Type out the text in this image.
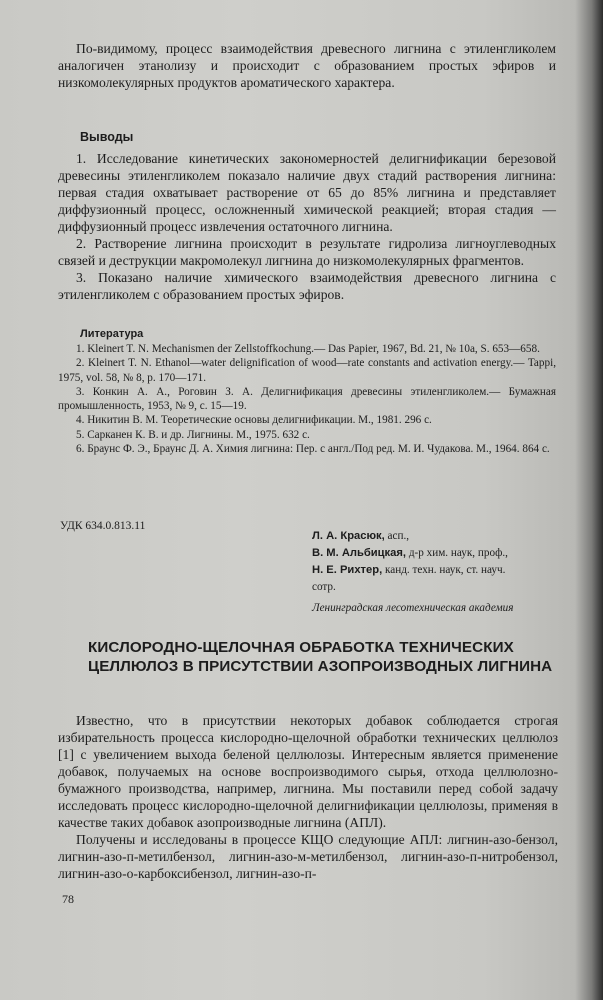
По-видимому, процесс взаимодействия древесного лигнина с этиленгликолем аналогичен этанолизу и происходит с образованием простых эфиров и низкомолекулярных продуктов ароматического характера.

Выводы

1. Исследование кинетических закономерностей делигнификации березовой древесины этиленгликолем показало наличие двух стадий растворения лигнина: первая стадия охватывает растворение от 65 до 85% лигнина и представляет диффузионный процесс, осложненный химической реакцией; вторая стадия — диффузионный процесс извлечения остаточного лигнина.

2. Растворение лигнина происходит в результате гидролиза лигноуглеводных связей и деструкции макромолекул лигнина до низкомолекулярных фрагментов.

3. Показано наличие химического взаимодействия древесного лигнина с этиленгликолем с образованием простых эфиров.

Литература

1. Kleinert T. N. Mechanismen der Zellstoffkochung.— Das Papier, 1967, Bd. 21, № 10a, S. 653—658.

2. Kleinert T. N. Ethanol—water delignification of wood—rate constants and activation energy.— Tappi, 1975, vol. 58, № 8, p. 170—171.

3. Конкин А. А., Роговин З. А. Делигнификация древесины этиленгликолем.— Бумажная промышленность, 1953, № 9, с. 15—19.

4. Никитин В. М. Теоретические основы делигнификации. М., 1981. 296 с.

5. Сарканен К. В. и др. Лигнины. М., 1975. 632 с.

6. Браунс Ф. Э., Браунс Д. А. Химия лигнина: Пер. с англ./Под ред. М. И. Чудакова. М., 1964. 864 с.

УДК 634.0.813.11
Л. А. Красюк, асп.,
В. М. Альбицкая, д-р хим. наук, проф.,
Н. Е. Рихтер, канд. техн. наук, ст. науч. сотр.
Ленинградская лесотехническая академия
КИСЛОРОДНО-ЩЕЛОЧНАЯ ОБРАБОТКА ТЕХНИЧЕСКИХ ЦЕЛЛЮЛОЗ В ПРИСУТСТВИИ АЗОПРОИЗВОДНЫХ ЛИГНИНА

Известно, что в присутствии некоторых добавок соблюдается строгая избирательность процесса кислородно-щелочной обработки технических целлюлоз [1] с увеличением выхода беленой целлюлозы. Интересным является применение добавок, получаемых на основе воспроизводимого сырья, отхода целлюлозно-бумажного производства, например, лигнина. Мы поставили перед собой задачу исследовать процесс кислородно-щелочной делигнификации целлюлозы, применяя в качестве таких добавок азопроизводные лигнина (АПЛ).

Получены и исследованы в процессе КЩО следующие АПЛ: лигнин-азо-бензол, лигнин-азо-п-метилбензол, лигнин-азо-м-метилбензол, лигнин-азо-п-нитробензол, лигнин-азо-о-карбоксибензол, лигнин-азо-п-

78
